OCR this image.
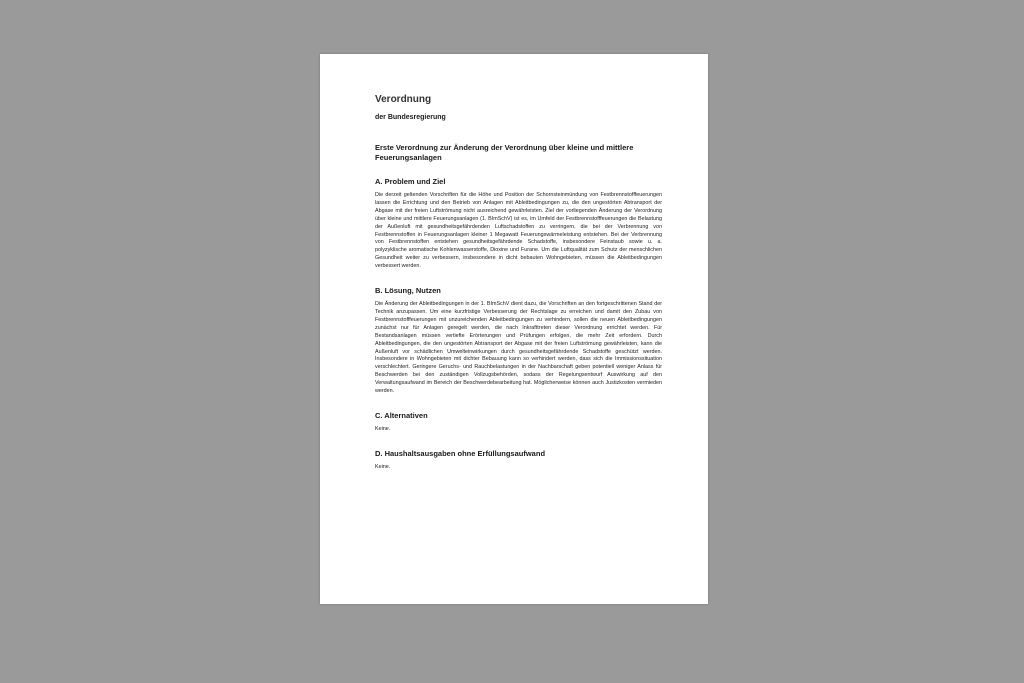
Verordnung
der Bundesregierung
Erste Verordnung zur Änderung der Verordnung über kleine und mittlere Feuerungsanlagen
A. Problem und Ziel
Die derzeit geltenden Vorschriften für die Höhe und Position der Schornsteinmündung von Festbrennstofffeuerungen lassen die Errichtung und den Betrieb von Anlagen mit Ableitbedingungen zu, die den ungestörten Abtransport der Abgase mit der freien Luftströmung nicht ausreichend gewährleisten. Ziel der vorliegenden Änderung der Verordnung über kleine und mittlere Feuerungsanlagen (1. BImSchV) ist es, im Umfeld der Festbrennstofffeuerungen die Belastung der Außenluft mit gesundheitsgefährdenden Luftschadstoffen zu verringern, die bei der Verbrennung von Festbrennstoffen in Feuerungsanlagen kleiner 1 Megawatt Feuerungswärmeleistung entstehen. Bei der Verbrennung von Festbrennstoffen entstehen gesundheitsgefährdende Schadstoffe, insbesondere Feinstaub sowie u. a. polyzyklische aromatische Kohlenwasserstoffe, Dioxine und Furane. Um die Luftqualität zum Schutz der menschlichen Gesundheit weiter zu verbessern, insbesondere in dicht bebauten Wohngebieten, müssen die Ableitbedingungen verbessert werden.
B. Lösung, Nutzen
Die Änderung der Ableitbedingungen in der 1. BImSchV dient dazu, die Vorschriften an den fortgeschrittenen Stand der Technik anzupassen. Um eine kurzfristige Verbesserung der Rechtslage zu erreichen und damit den Zubau von Festbrennstofffeuerungen mit unzureichenden Ableitbedingungen zu verhindern, sollen die neuen Ableitbedingungen zunächst nur für Anlagen geregelt werden, die nach Inkrafttreten dieser Verordnung errichtet werden. Für Bestandsanlagen müssen vertiefte Erörterungen und Prüfungen erfolgen, die mehr Zeit erfordern. Durch Ableitbedingungen, die den ungestörten Abtransport der Abgase mit der freien Luftströmung gewährleisten, kann die Außenluft vor schädlichen Umwelteinwirkungen durch gesundheitsgefährdende Schadstoffe geschützt werden. Insbesondere in Wohngebieten mit dichter Bebauung kann so verhindert werden, dass sich die Immissionssituation verschlechtert. Geringere Geruchs- und Rauchbelastungen in der Nachbarschaft geben potentiell weniger Anlass für Beschwerden bei den zuständigen Vollzugsbehörden, sodass der Regelungsentwurf Auswirkung auf den Verwaltungsaufwand im Bereich der Beschwerdebearbeitung hat. Möglicherweise können auch Justizkosten vermieden werden.
C. Alternativen
Keine.
D. Haushaltsausgaben ohne Erfüllungsaufwand
Keine.
